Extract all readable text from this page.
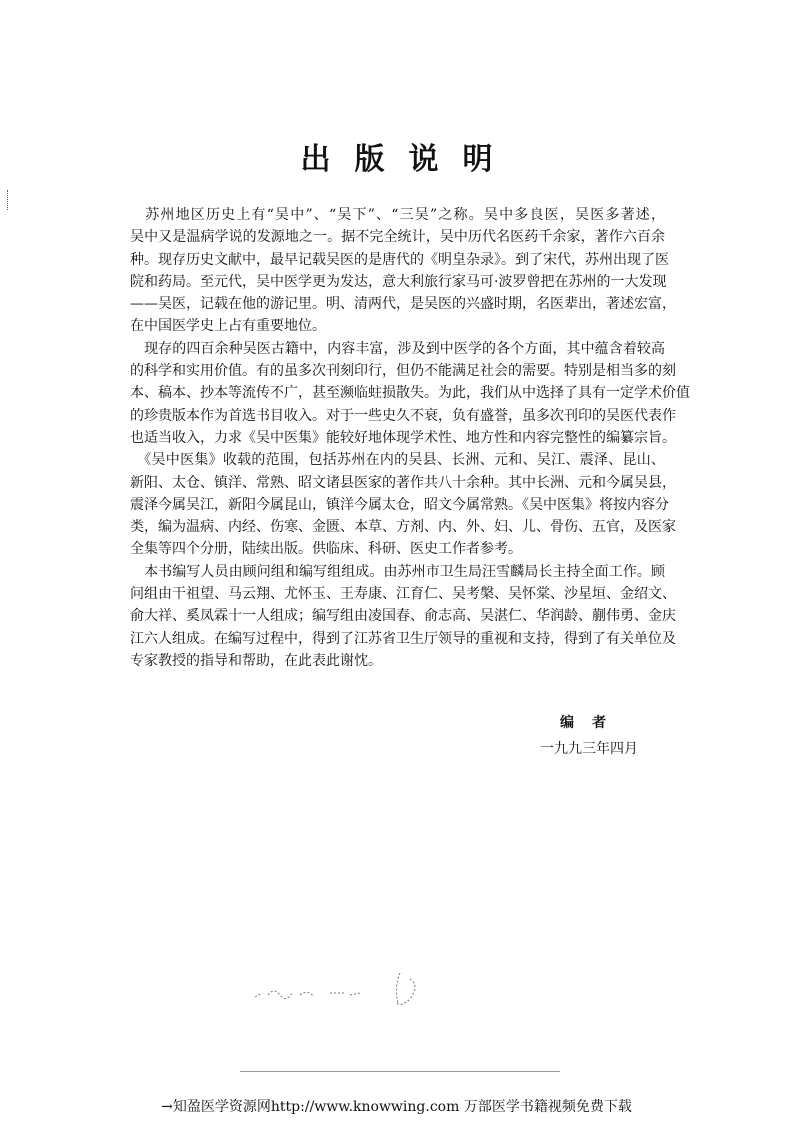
出版说明
　苏州地区历史上有“吴中”、“吴下”、“三吴”之称。吴中多良医，吴医多著述，
吴中又是温病学说的发源地之一。据不完全统计，吴中历代名医药千余家，著作六百余
种。现存历史文献中，最早记载吴医的是唐代的《明皇杂录》。到了宋代，苏州出现了医
院和药局。至元代，吴中医学更为发达，意大利旅行家马可·波罗曾把在苏州的一大发现
——吴医，记载在他的游记里。明、清两代，是吴医的兴盛时期，名医辈出，著述宏富，
在中国医学史上占有重要地位。
　现存的四百余种吴医古籍中，内容丰富，涉及到中医学的各个方面，其中蕴含着较高
的科学和实用价值。有的虽多次刊刻印行，但仍不能满足社会的需要。特别是相当多的刻
本、稿本、抄本等流传不广，甚至濒临蛀损散失。为此，我们从中选择了具有一定学术价值
的珍贵版本作为首选书目收入。对于一些史久不衰，负有盛誉，虽多次刊印的吴医代表作
也适当收入，力求《吴中医集》能较好地体现学术性、地方性和内容完整性的编纂宗旨。
　《吴中医集》收载的范围，包括苏州在内的吴县、长洲、元和、吴江、震泽、昆山、
新阳、太仓、镇洋、常熟、昭文诸县医家的著作共八十余种。其中长洲、元和今属吴县，
震泽今属吴江，新阳今属昆山，镇洋今属太仓，昭文今属常熟。《吴中医集》将按内容分
类，编为温病、内经、伤寒、金匮、本草、方剂、内、外、妇、儿、骨伤、五官，及医家
全集等四个分册，陆续出版。供临床、科研、医史工作者参考。
　本书编写人员由顾问组和编写组组成。由苏州市卫生局汪雪麟局长主持全面工作。顾
问组由干祖望、马云翔、尤怀玉、王寿康、江育仁、吴考槃、吴怀棠、沙星垣、金绍文、
俞大祥、奚凤霖十一人组成；编写组由凌国春、俞志高、吴湛仁、华润龄、蒯伟勇、金庆
江六人组成。在编写过程中，得到了江苏省卫生厅领导的重视和支持，得到了有关单位及
专家教授的指导和帮助，在此表此谢忱。
编者
一九九三年四月
→知盈医学资源网http://www.knowwing.com 万部医学书籍视频免费下载
